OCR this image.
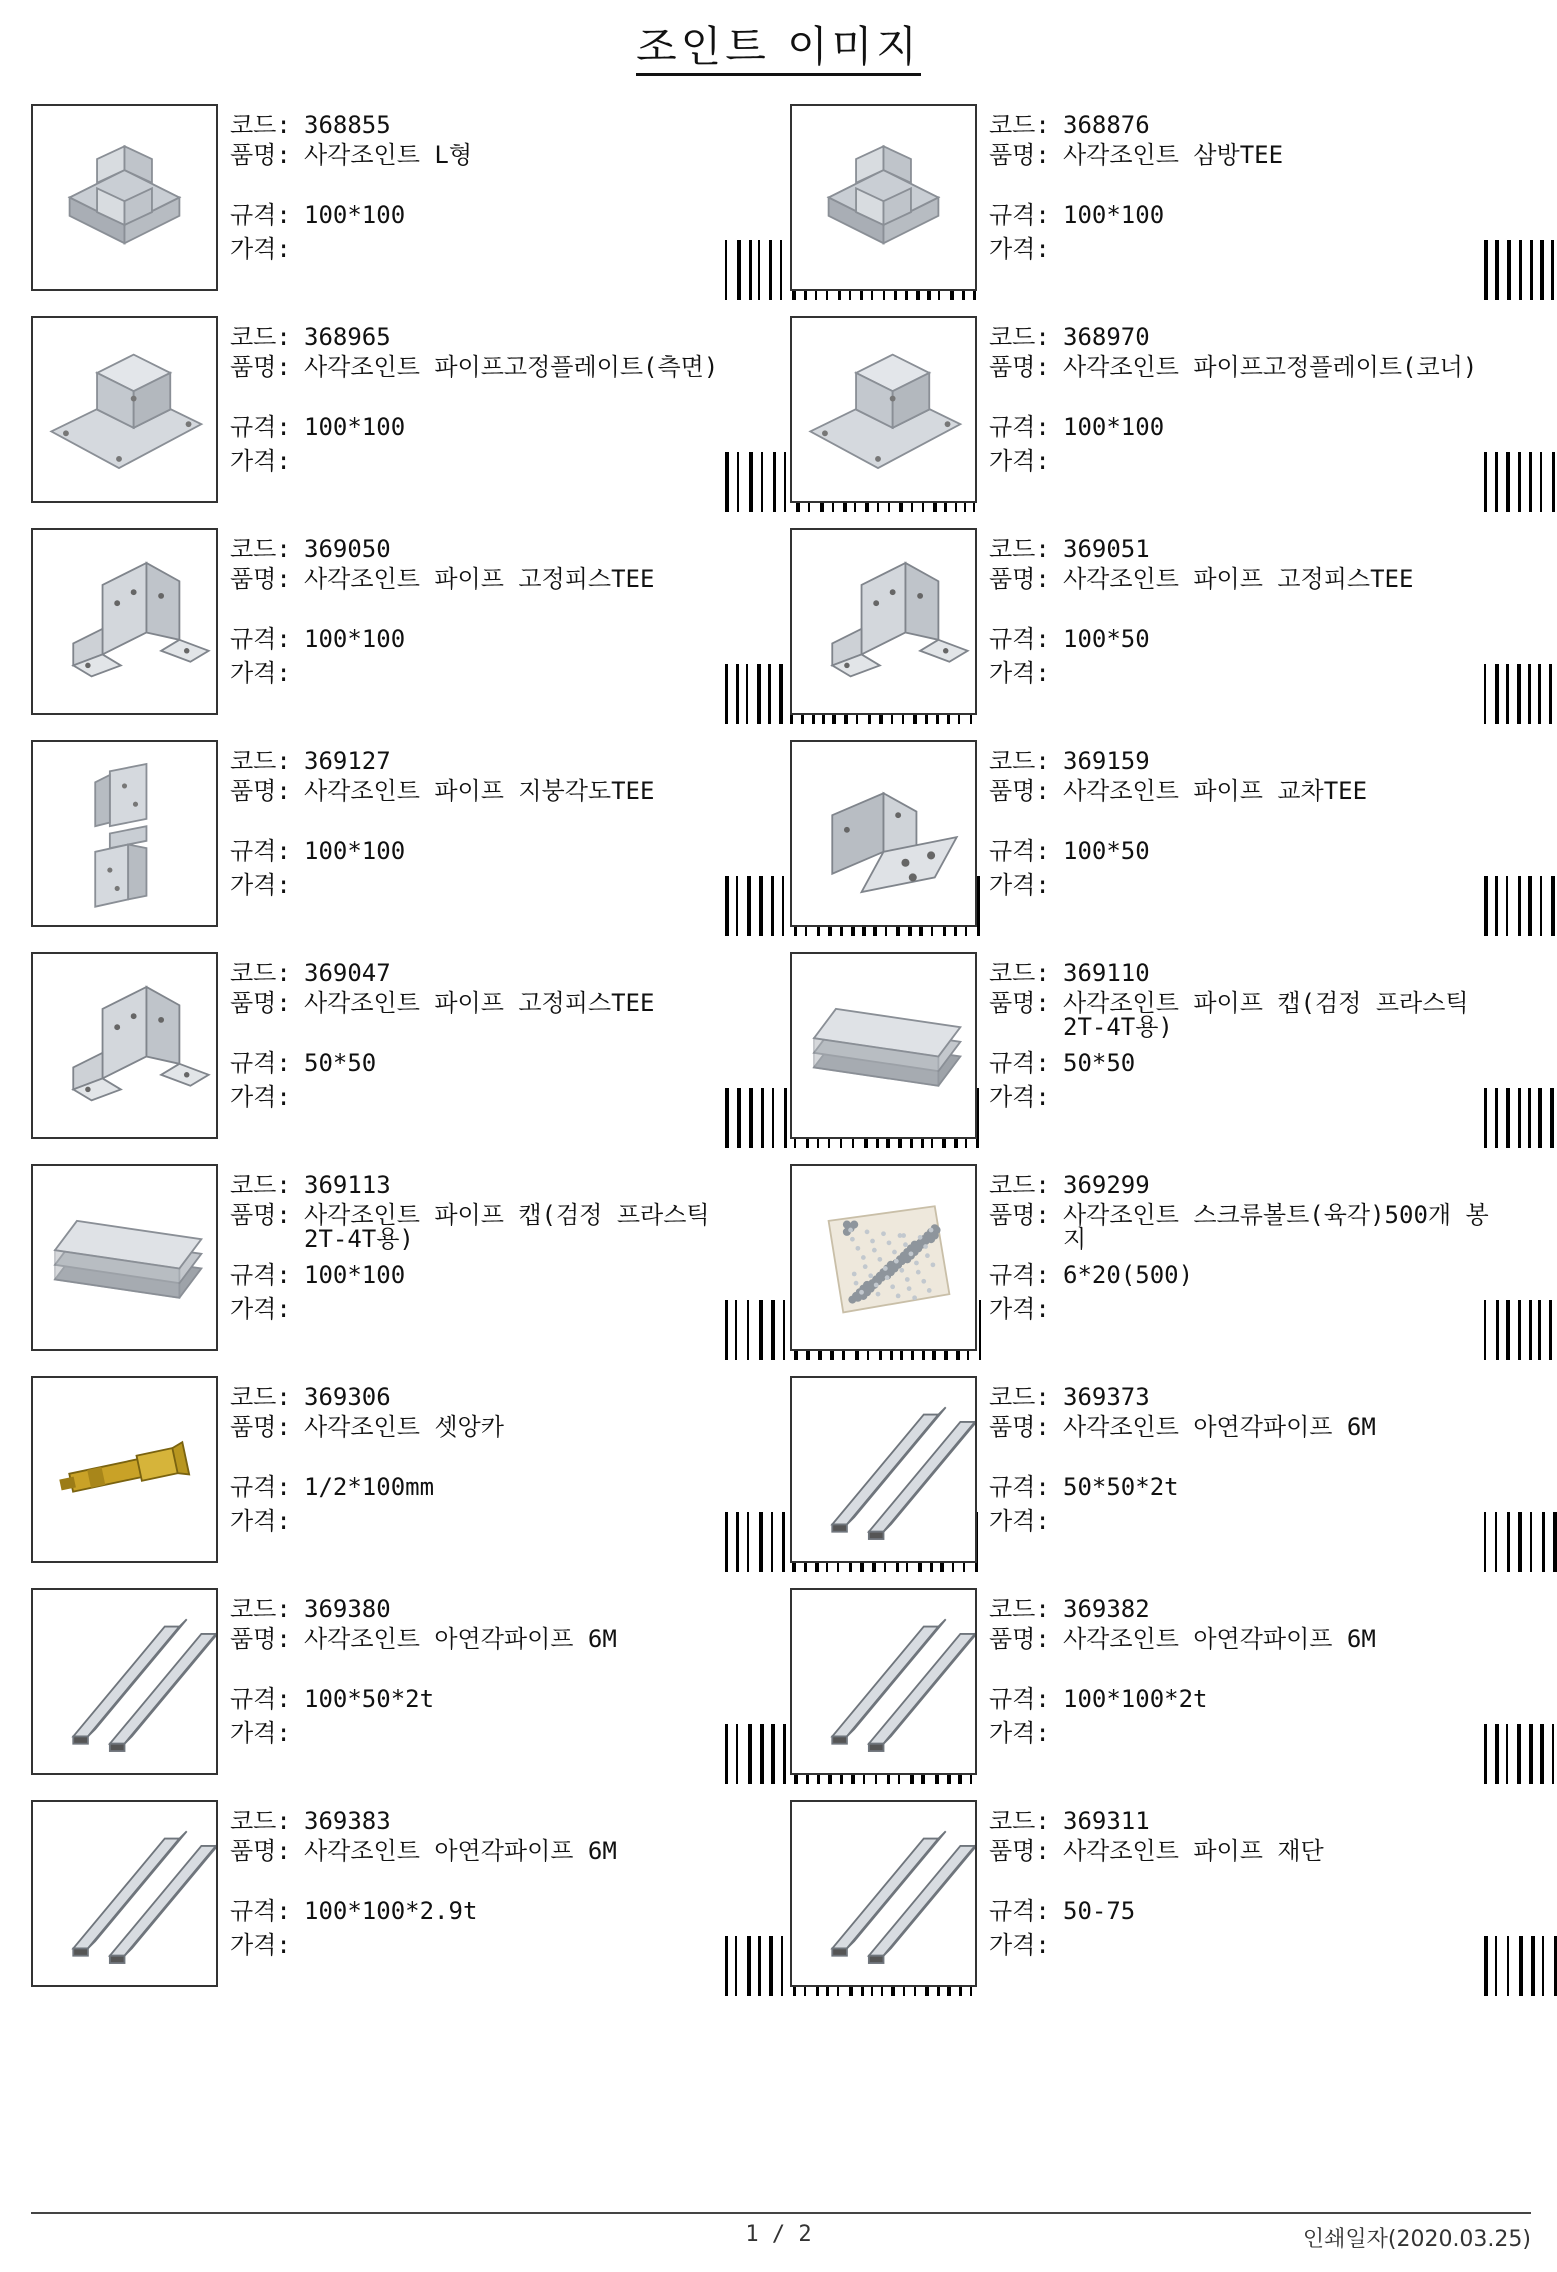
조인트 이미지
코드: 368855
품명: 사각조인트 L형
규격: 100*100
가격:
코드: 368876
품명: 사각조인트 삼방TEE
규격: 100*100
가격:
코드: 368965
품명: 사각조인트 파이프고정플레이트(측면)
규격: 100*100
가격:
코드: 368970
품명: 사각조인트 파이프고정플레이트(코너)
규격: 100*100
가격:
코드: 369050
품명: 사각조인트 파이프 고정피스TEE
규격: 100*100
가격:
코드: 369051
품명: 사각조인트 파이프 고정피스TEE
규격: 100*50
가격:
코드: 369127
품명: 사각조인트 파이프 지붕각도TEE
규격: 100*100
가격:
코드: 369159
품명: 사각조인트 파이프 교차TEE
규격: 100*50
가격:
코드: 369047
품명: 사각조인트 파이프 고정피스TEE
규격: 50*50
가격:
코드: 369110
품명: 사각조인트 파이프 캡(검정 프라스틱
2T-4T용)
규격: 50*50
가격:
코드: 369113
품명: 사각조인트 파이프 캡(검정 프라스틱
2T-4T용)
규격: 100*100
가격:
코드: 369299
품명: 사각조인트 스크류볼트(육각)500개 봉
지
규격: 6*20(500)
가격:
코드: 369306
품명: 사각조인트 셋앙카
규격: 1/2*100mm
가격:
코드: 369373
품명: 사각조인트 아연각파이프 6M
규격: 50*50*2t
가격:
코드: 369380
품명: 사각조인트 아연각파이프 6M
규격: 100*50*2t
가격:
코드: 369382
품명: 사각조인트 아연각파이프 6M
규격: 100*100*2t
가격:
코드: 369383
품명: 사각조인트 아연각파이프 6M
규격: 100*100*2.9t
가격:
코드: 369311
품명: 사각조인트 파이프 재단
규격: 50-75
가격:
1 / 2	인쇄일자(2020.03.25)
